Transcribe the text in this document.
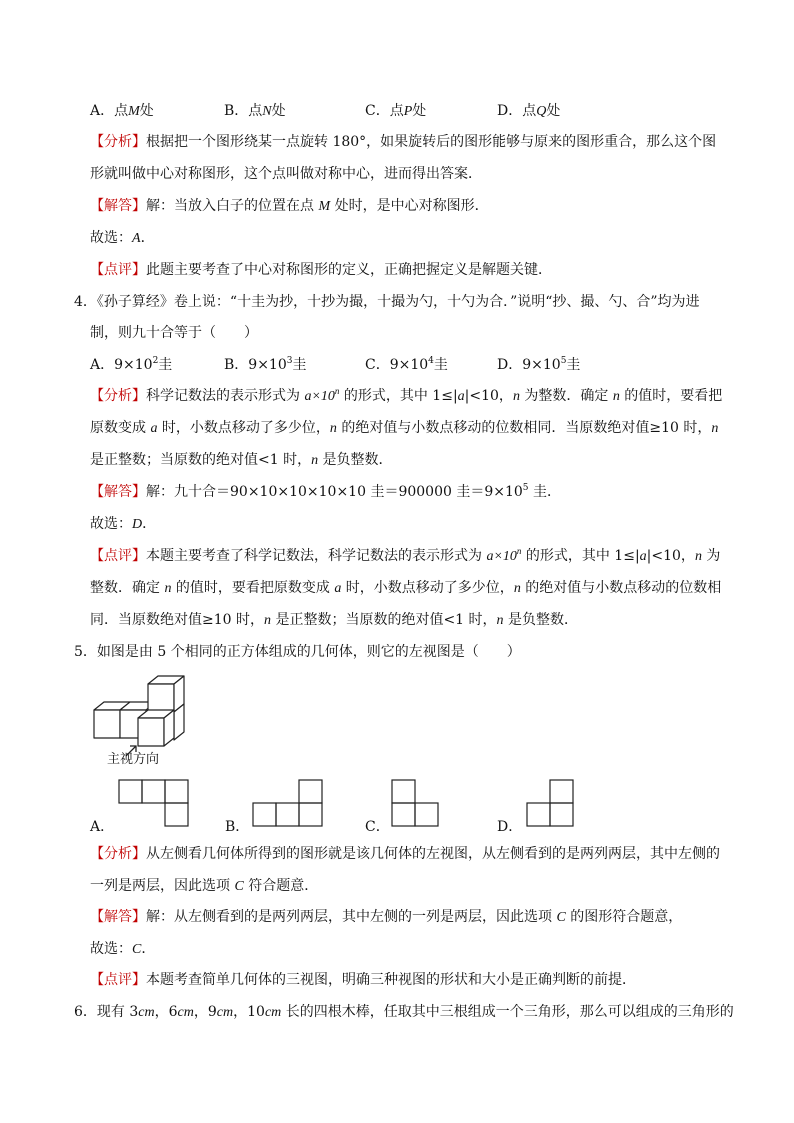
A．点M处	B．点N处	C．点P处	D．点Q处
【分析】根据把一个图形绕某一点旋转 180°，如果旋转后的图形能够与原来的图形重合，那么这个图
形就叫做中心对称图形，这个点叫做对称中心，进而得出答案．
【解答】解：当放入白子的位置在点 M 处时，是中心对称图形．
故选：A．
【点评】此题主要考查了中心对称图形的定义，正确把握定义是解题关键．
4．《孙子算经》卷上说：“十圭为抄，十抄为撮，十撮为勺，十勺为合．”说明“抄、撮、勺、合”均为进
制，则九十合等于（　　）
A．$9\times 10^2$圭	B．$9\times 10^3$圭	C．$9\times 10^4$圭	D．$9\times 10^5$圭
【分析】科学记数法的表示形式为 $a\times 10^n$ 的形式，其中 1≤|a|<10，n 为整数．确定 n 的值时，要看把
原数变成 a 时，小数点移动了多少位，n 的绝对值与小数点移动的位数相同．当原数绝对值≥10 时，n
是正整数；当原数的绝对值<1 时，n 是负整数．
【解答】解：九十合＝90×10×10×10×10 圭＝900000 圭$=9\times 10^5$ 圭．
故选：D．
【点评】本题主要考查了科学记数法，科学记数法的表示形式为 $a\times 10^n$ 的形式，其中 1≤|a|<10，n 为
整数．确定 n 的值时，要看把原数变成 a 时，小数点移动了多少位，n 的绝对值与小数点移动的位数相
同．当原数绝对值≥10 时，n 是正整数；当原数的绝对值<1 时，n 是负整数．
5．如图是由 5 个相同的正方体组成的几何体，则它的左视图是（　　）
主视方向
A．	B．	C．	D．
【分析】从左侧看几何体所得到的图形就是该几何体的左视图，从左侧看到的是两列两层，其中左侧的
一列是两层，因此选项 C 符合题意．
【解答】解：从左侧看到的是两列两层，其中左侧的一列是两层，因此选项 C 的图形符合题意，
故选：C．
【点评】本题考查简单几何体的三视图，明确三种视图的形状和大小是正确判断的前提．
6．现有 3cm，6cm，9cm，10cm 长的四根木棒，任取其中三根组成一个三角形，那么可以组成的三角形的
